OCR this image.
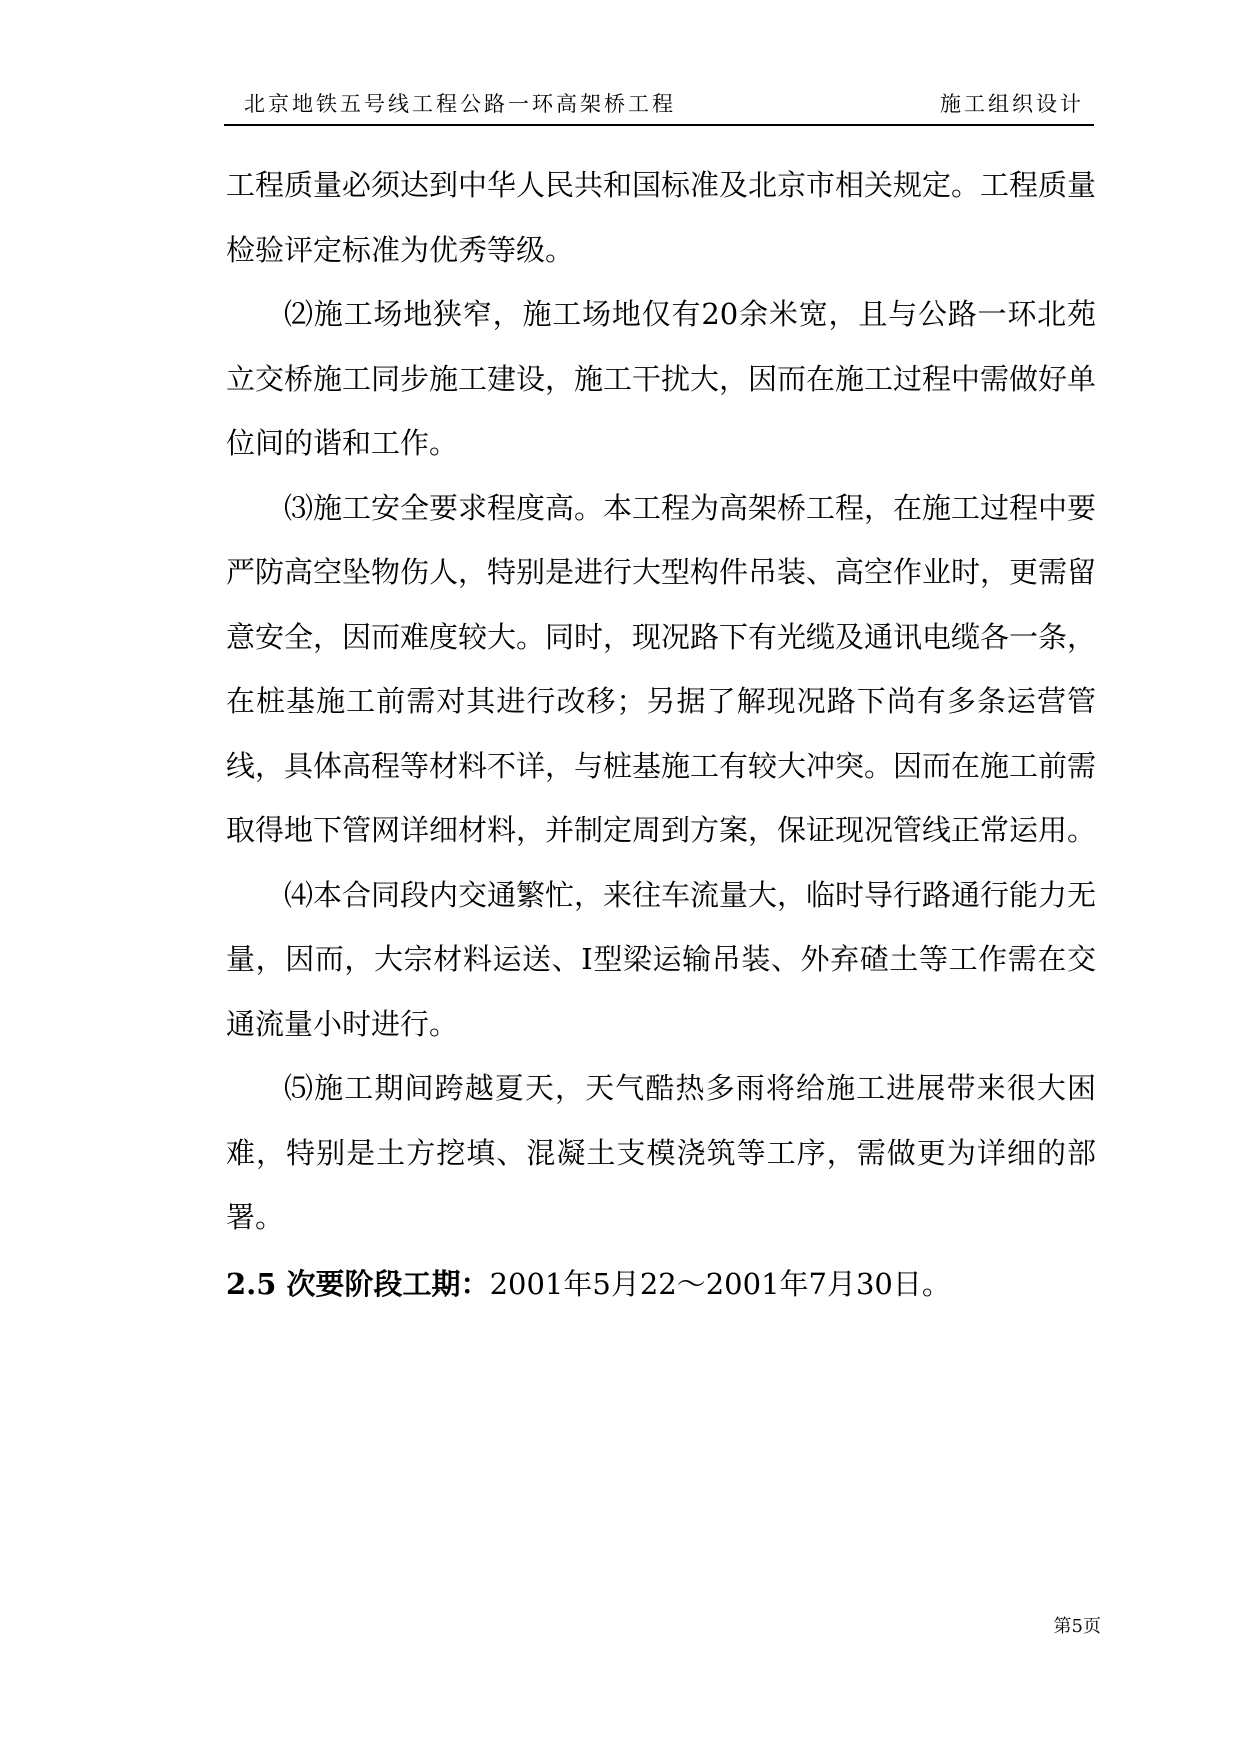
北京地铁五号线工程公路一环高架桥工程	施工组织设计

工程质量必须达到中华人民共和国标准及北京市相关规定。工程质量检验评定标准为优秀等级。

⑵施工场地狭窄，施工场地仅有20余米宽，且与公路一环北苑立交桥施工同步施工建设，施工干扰大，因而在施工过程中需做好单位间的谐和工作。

⑶施工安全要求程度高。本工程为高架桥工程，在施工过程中要严防高空坠物伤人，特别是进行大型构件吊装、高空作业时，更需留意安全，因而难度较大。同时，现况路下有光缆及通讯电缆各一条，在桩基施工前需对其进行改移；另据了解现况路下尚有多条运营管线，具体高程等材料不详，与桩基施工有较大冲突。因而在施工前需取得地下管网详细材料，并制定周到方案，保证现况管线正常运用。

⑷本合同段内交通繁忙，来往车流量大，临时导行路通行能力无量，因而，大宗材料运送、I型梁运输吊装、外弃碴土等工作需在交通流量小时进行。

⑸施工期间跨越夏天，天气酷热多雨将给施工进展带来很大困难，特别是土方挖填、混凝土支模浇筑等工序，需做更为详细的部署。

2.5 次要阶段工期：2001年5月22～2001年7月30日。

第5页
